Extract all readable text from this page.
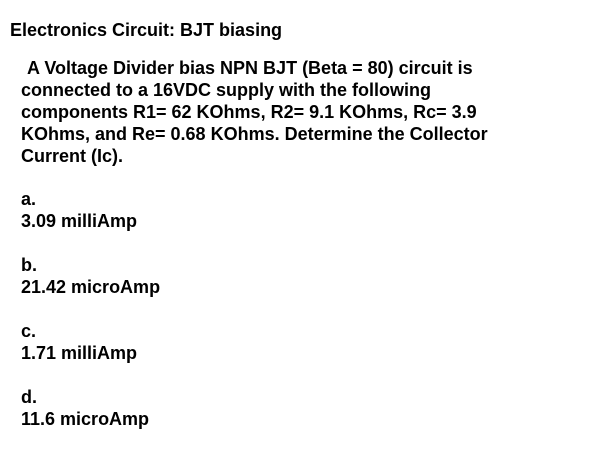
Electronics Circuit: BJT biasing
A Voltage Divider bias NPN BJT (Beta = 80) circuit is
connected to a 16VDC supply with the following
components R1= 62 KOhms, R2= 9.1 KOhms, Rc= 3.9
KOhms, and Re= 0.68 KOhms. Determine the Collector
Current (Ic).
a.
3.09 milliAmp
b.
21.42 microAmp
c.
1.71 milliAmp
d.
11.6 microAmp
